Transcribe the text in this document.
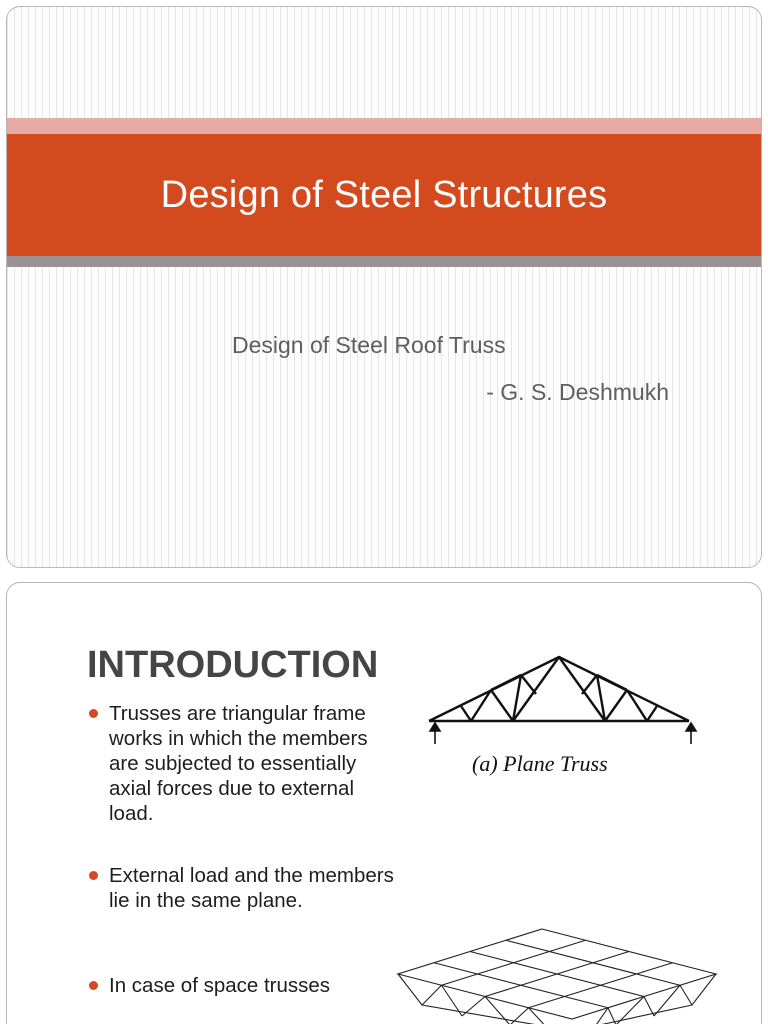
Design of Steel Structures
Design of Steel Roof Truss
- G. S. Deshmukh
INTRODUCTION
Trusses are triangular frame works in which the members are subjected to essentially axial forces due to external load.
External load and the members lie in the same plane.
In case of space trusses
(a) Plane Truss
